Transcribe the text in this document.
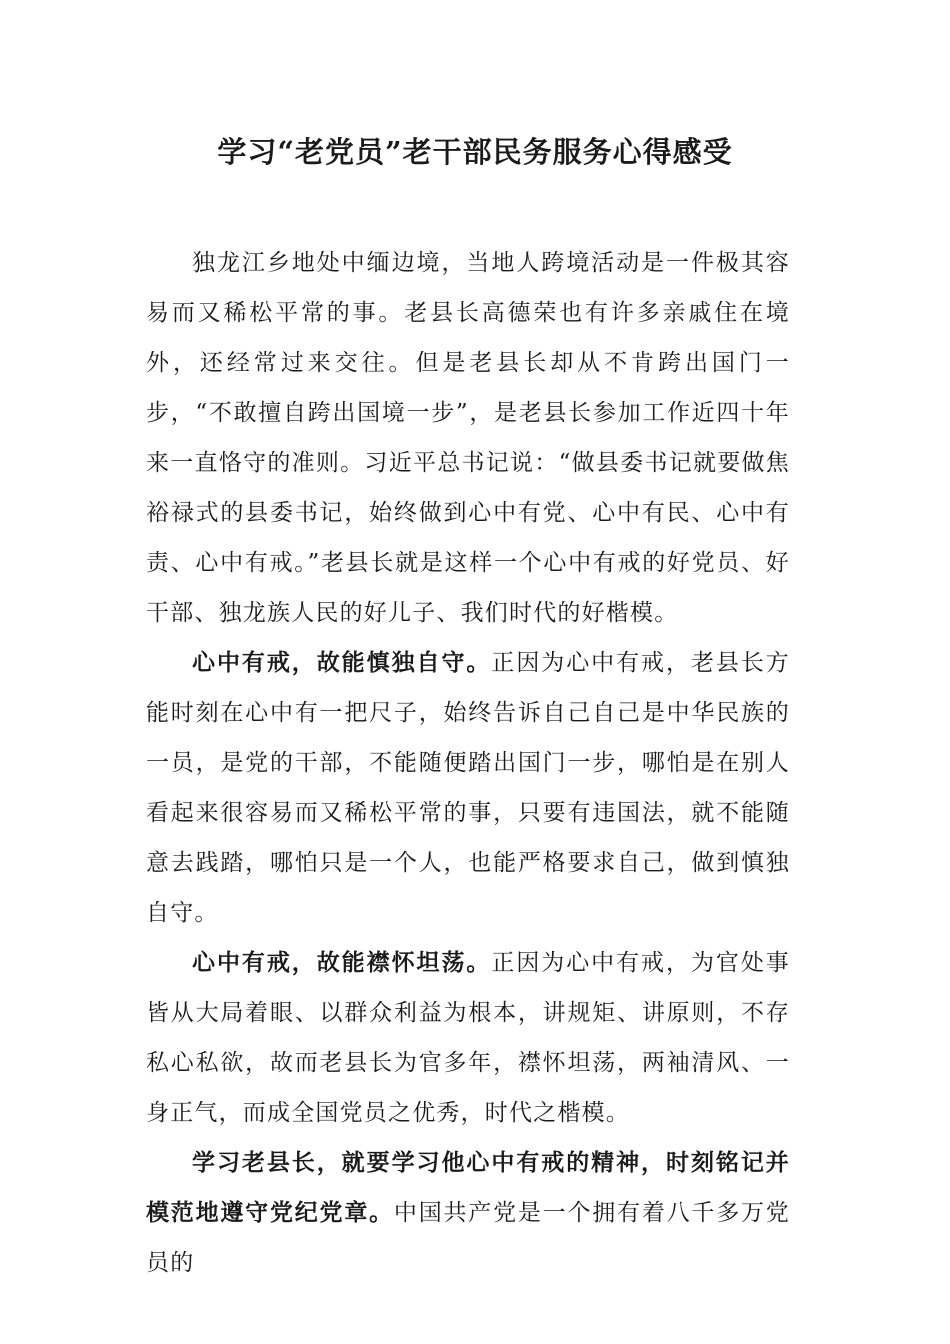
学习“老党员”老干部民务服务心得感受

独龙江乡地处中缅边境，当地人跨境活动是一件极其容易而又稀松平常的事。老县长高德荣也有许多亲戚住在境外，还经常过来交往。但是老县长却从不肯跨出国门一步，“不敢擅自跨出国境一步”，是老县长参加工作近四十年来一直恪守的准则。习近平总书记说：“做县委书记就要做焦裕禄式的县委书记，始终做到心中有党、心中有民、心中有责、心中有戒。”老县长就是这样一个心中有戒的好党员、好干部、独龙族人民的好儿子、我们时代的好楷模。

心中有戒，故能慎独自守。正因为心中有戒，老县长方能时刻在心中有一把尺子，始终告诉自己自己是中华民族的一员，是党的干部，不能随便踏出国门一步，哪怕是在别人看起来很容易而又稀松平常的事，只要有违国法，就不能随意去践踏，哪怕只是一个人，也能严格要求自己，做到慎独自守。

心中有戒，故能襟怀坦荡。正因为心中有戒，为官处事皆从大局着眼、以群众利益为根本，讲规矩、讲原则，不存私心私欲，故而老县长为官多年，襟怀坦荡，两袖清风、一身正气，而成全国党员之优秀，时代之楷模。

学习老县长，就要学习他心中有戒的精神，时刻铭记并模范地遵守党纪党章。中国共产党是一个拥有着八千多万党员的
